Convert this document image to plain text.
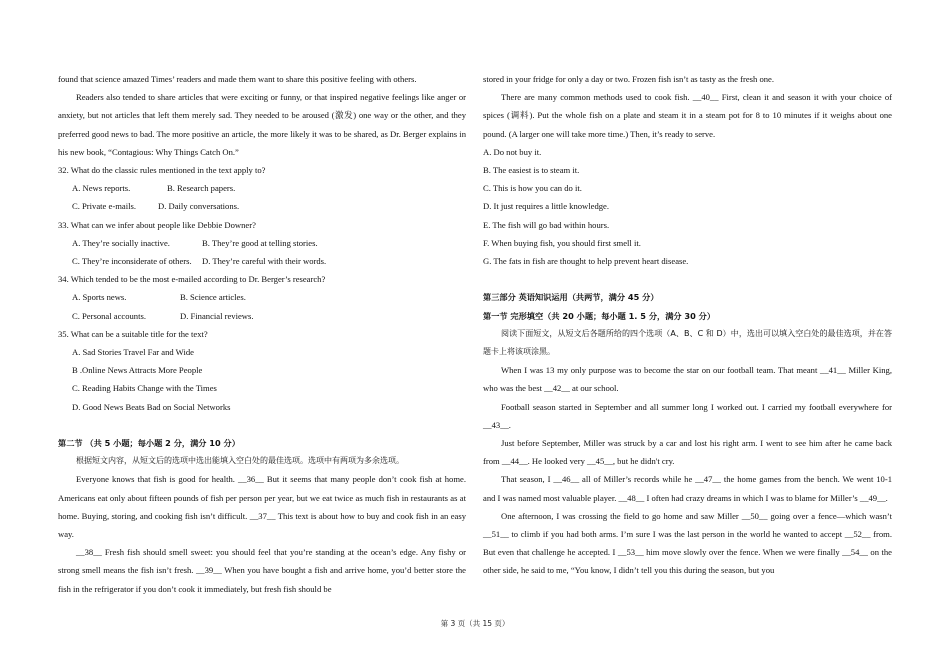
found that science amazed Times’ readers and made them want to share this positive feeling with others.

Readers also tended to share articles that were exciting or funny, or that inspired negative feelings like anger or anxiety, but not articles that left them merely sad. They needed to be aroused (激发) one way or the other, and they preferred good news to bad. The more positive an article, the more likely it was to be shared, as Dr. Berger explains in his new book, “Contagious: Why Things Catch On.”

32. What do the classic rules mentioned in the text apply to?

A. News reports.	B. Research papers.

C. Private e-mails.	D. Daily conversations.

33. What can we infer about people like Debbie Downer?

A. They’re socially inactive.	B. They’re good at telling stories.

C. They’re inconsiderate of others. D. They’re careful with their words.

34. Which tended to be the most e-mailed according to Dr. Berger’s research?

A. Sports news.	B. Science articles.

C. Personal accounts.	D. Financial reviews.

35. What can be a suitable title for the text?

A. Sad Stories Travel Far and Wide

B .Online News Attracts More People

C. Reading Habits Change with the Times

D. Good News Beats Bad on Social Networks

第二节 （共 5 小题；每小题 2 分，满分 10 分）

根据短文内容，从短文后的选项中选出能填入空白处的最佳选项。选项中有两项为多余选项。

Everyone knows that fish is good for health. __36__ But it seems that many people don’t cook fish at home. Americans eat only about fifteen pounds of fish per person per year, but we eat twice as much fish in restaurants as at home. Buying, storing, and cooking fish isn’t difficult. __37__ This text is about how to buy and cook fish in an easy way.

__38__ Fresh fish should smell sweet: you should feel that you’re standing at the ocean’s edge. Any fishy or strong smell means the fish isn’t fresh. __39__ When you have bought a fish and arrive home, you’d better store the fish in the refrigerator if you don’t cook it immediately, but fresh fish should be

stored in your fridge for only a day or two. Frozen fish isn’t as tasty as the fresh one.

There are many common methods used to cook fish. __40__ First, clean it and season it with your choice of spices (调料). Put the whole fish on a plate and steam it in a steam pot for 8 to 10 minutes if it weighs about one pound. (A larger one will take more time.) Then, it’s ready to serve.

A. Do not buy it.

B. The easiest is to steam it.

C. This is how you can do it.

D. It just requires a little knowledge.

E. The fish will go bad within hours.

F. When buying fish, you should first smell it.

G. The fats in fish are thought to help prevent heart disease.

第三部分 英语知识运用（共两节，满分 45 分）

第一节 完形填空（共 20 小题；每小题 1. 5 分，满分 30 分）

阅读下面短文，从短文后各题所给的四个选项（A、B、C 和 D）中，选出可以填入空白处的最佳选项，并在答题卡上将该项涂黑。

When I was 13 my only purpose was to become the star on our football team. That meant __41__ Miller King, who was the best __42__ at our school.

Football season started in September and all summer long I worked out. I carried my football everywhere for __43__.

Just before September, Miller was struck by a car and lost his right arm. I went to see him after he came back from __44__. He looked very __45__, but he didn't cry.

That season, I __46__ all of Miller’s records while he __47__ the home games from the bench. We went 10-1 and I was named most valuable player. __48__ I often had crazy dreams in which I was to blame for Miller’s __49__.

One afternoon, I was crossing the field to go home and saw Miller __50__ going over a fence—which wasn’t __51__ to climb if you had both arms. I’m sure I was the last person in the world he wanted to accept __52__ from. But even that challenge he accepted. I __53__ him move slowly over the fence. When we were finally __54__ on the other side, he said to me, “You know, I didn’t tell you this during the season, but you

第 3 页（共 15 页）
